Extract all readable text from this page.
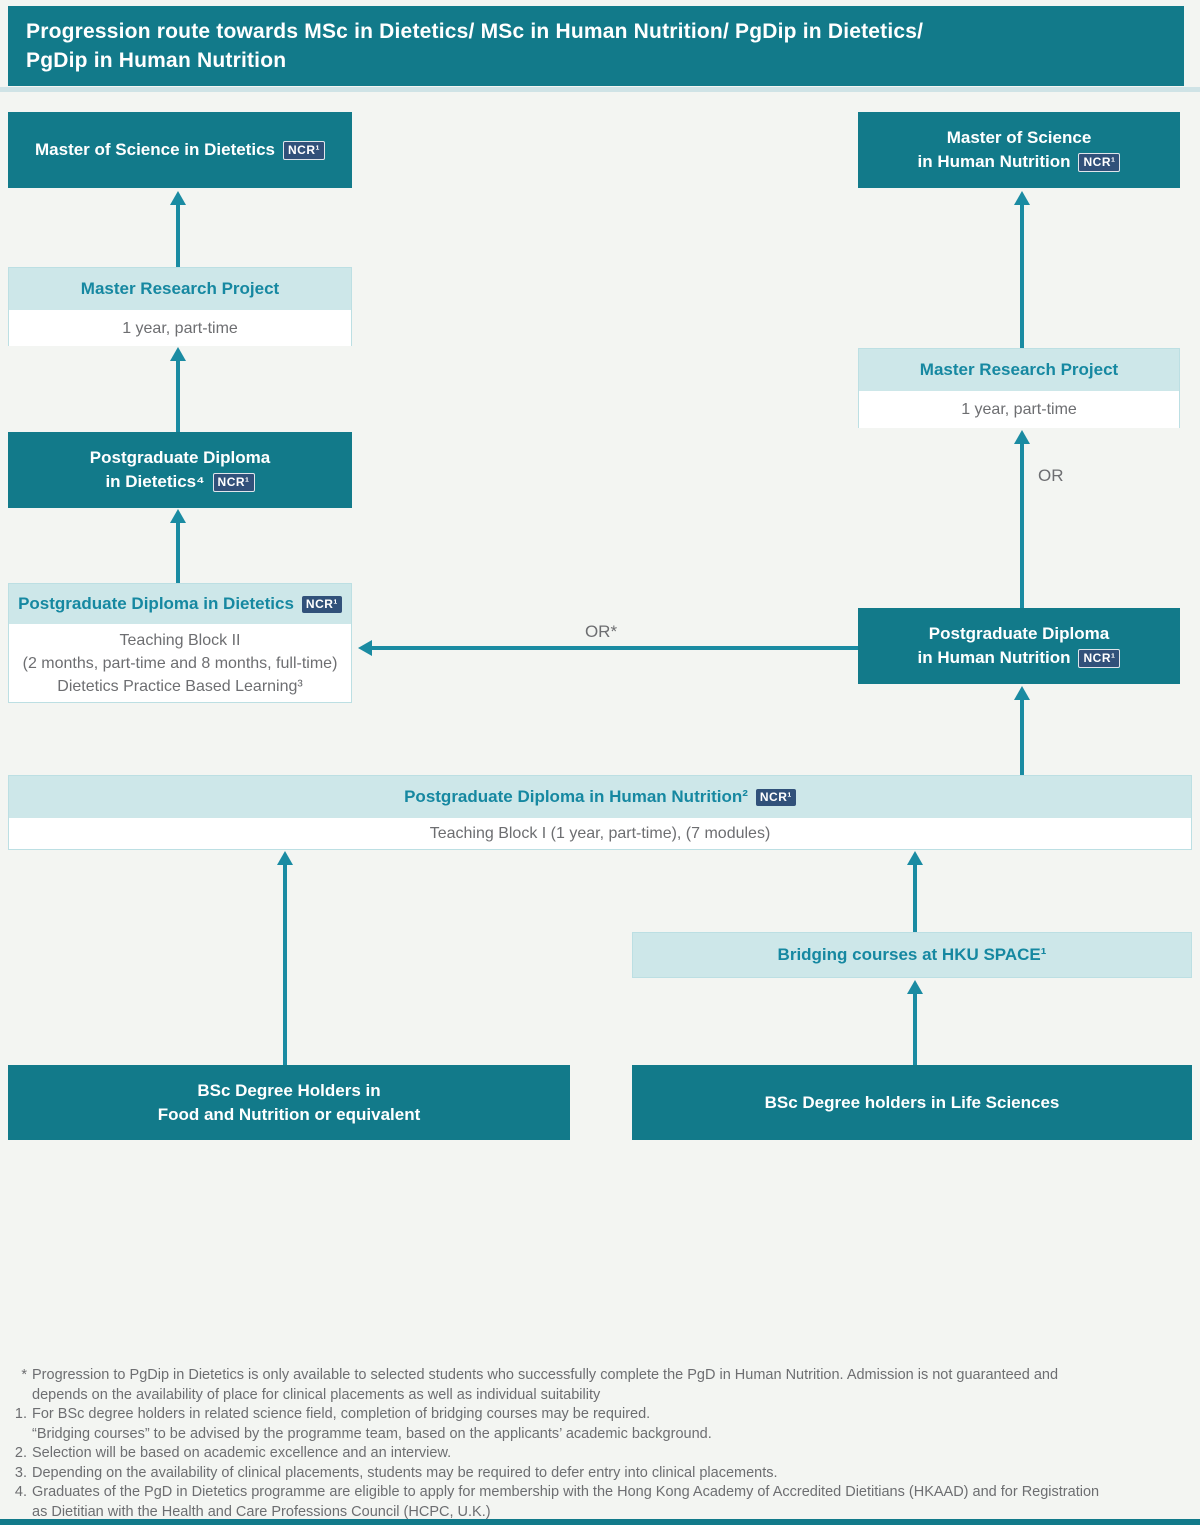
Progression route towards MSc in Dietetics/ MSc in Human Nutrition/ PgDip in Dietetics/
PgDip in Human Nutrition
Master of Science in Dietetics	NCR¹
Master Research Project
1 year, part-time
Postgraduate Diploma
in Dietetics⁴	NCR¹
Postgraduate Diploma in Dietetics	NCR¹
Teaching Block II
(2 months, part-time and 8 months, full-time)
Dietetics Practice Based Learning³
Master of Science
in Human Nutrition	NCR¹
Master Research Project
1 year, part-time
OR
Postgraduate Diploma
in Human Nutrition	NCR¹
OR*
Postgraduate Diploma in Human Nutrition²	NCR¹
Teaching Block I (1 year, part-time), (7 modules)
Bridging courses at HKU SPACE¹
BSc Degree Holders in
Food and Nutrition or equivalent
BSc Degree holders in Life Sciences
* Progression to PgDip in Dietetics is only available to selected students who successfully complete the PgD in Human Nutrition. Admission is not guaranteed and
depends on the availability of place for clinical placements as well as individual suitability
1. For BSc degree holders in related science field, completion of bridging courses may be required.
“Bridging courses” to be advised by the programme team, based on the applicants’ academic background.
2. Selection will be based on academic excellence and an interview.
3. Depending on the availability of clinical placements, students may be required to defer entry into clinical placements.
4. Graduates of the PgD in Dietetics programme are eligible to apply for membership with the Hong Kong Academy of Accredited Dietitians (HKAAD) and for Registration
as Dietitian with the Health and Care Professions Council (HCPC, U.K.)
